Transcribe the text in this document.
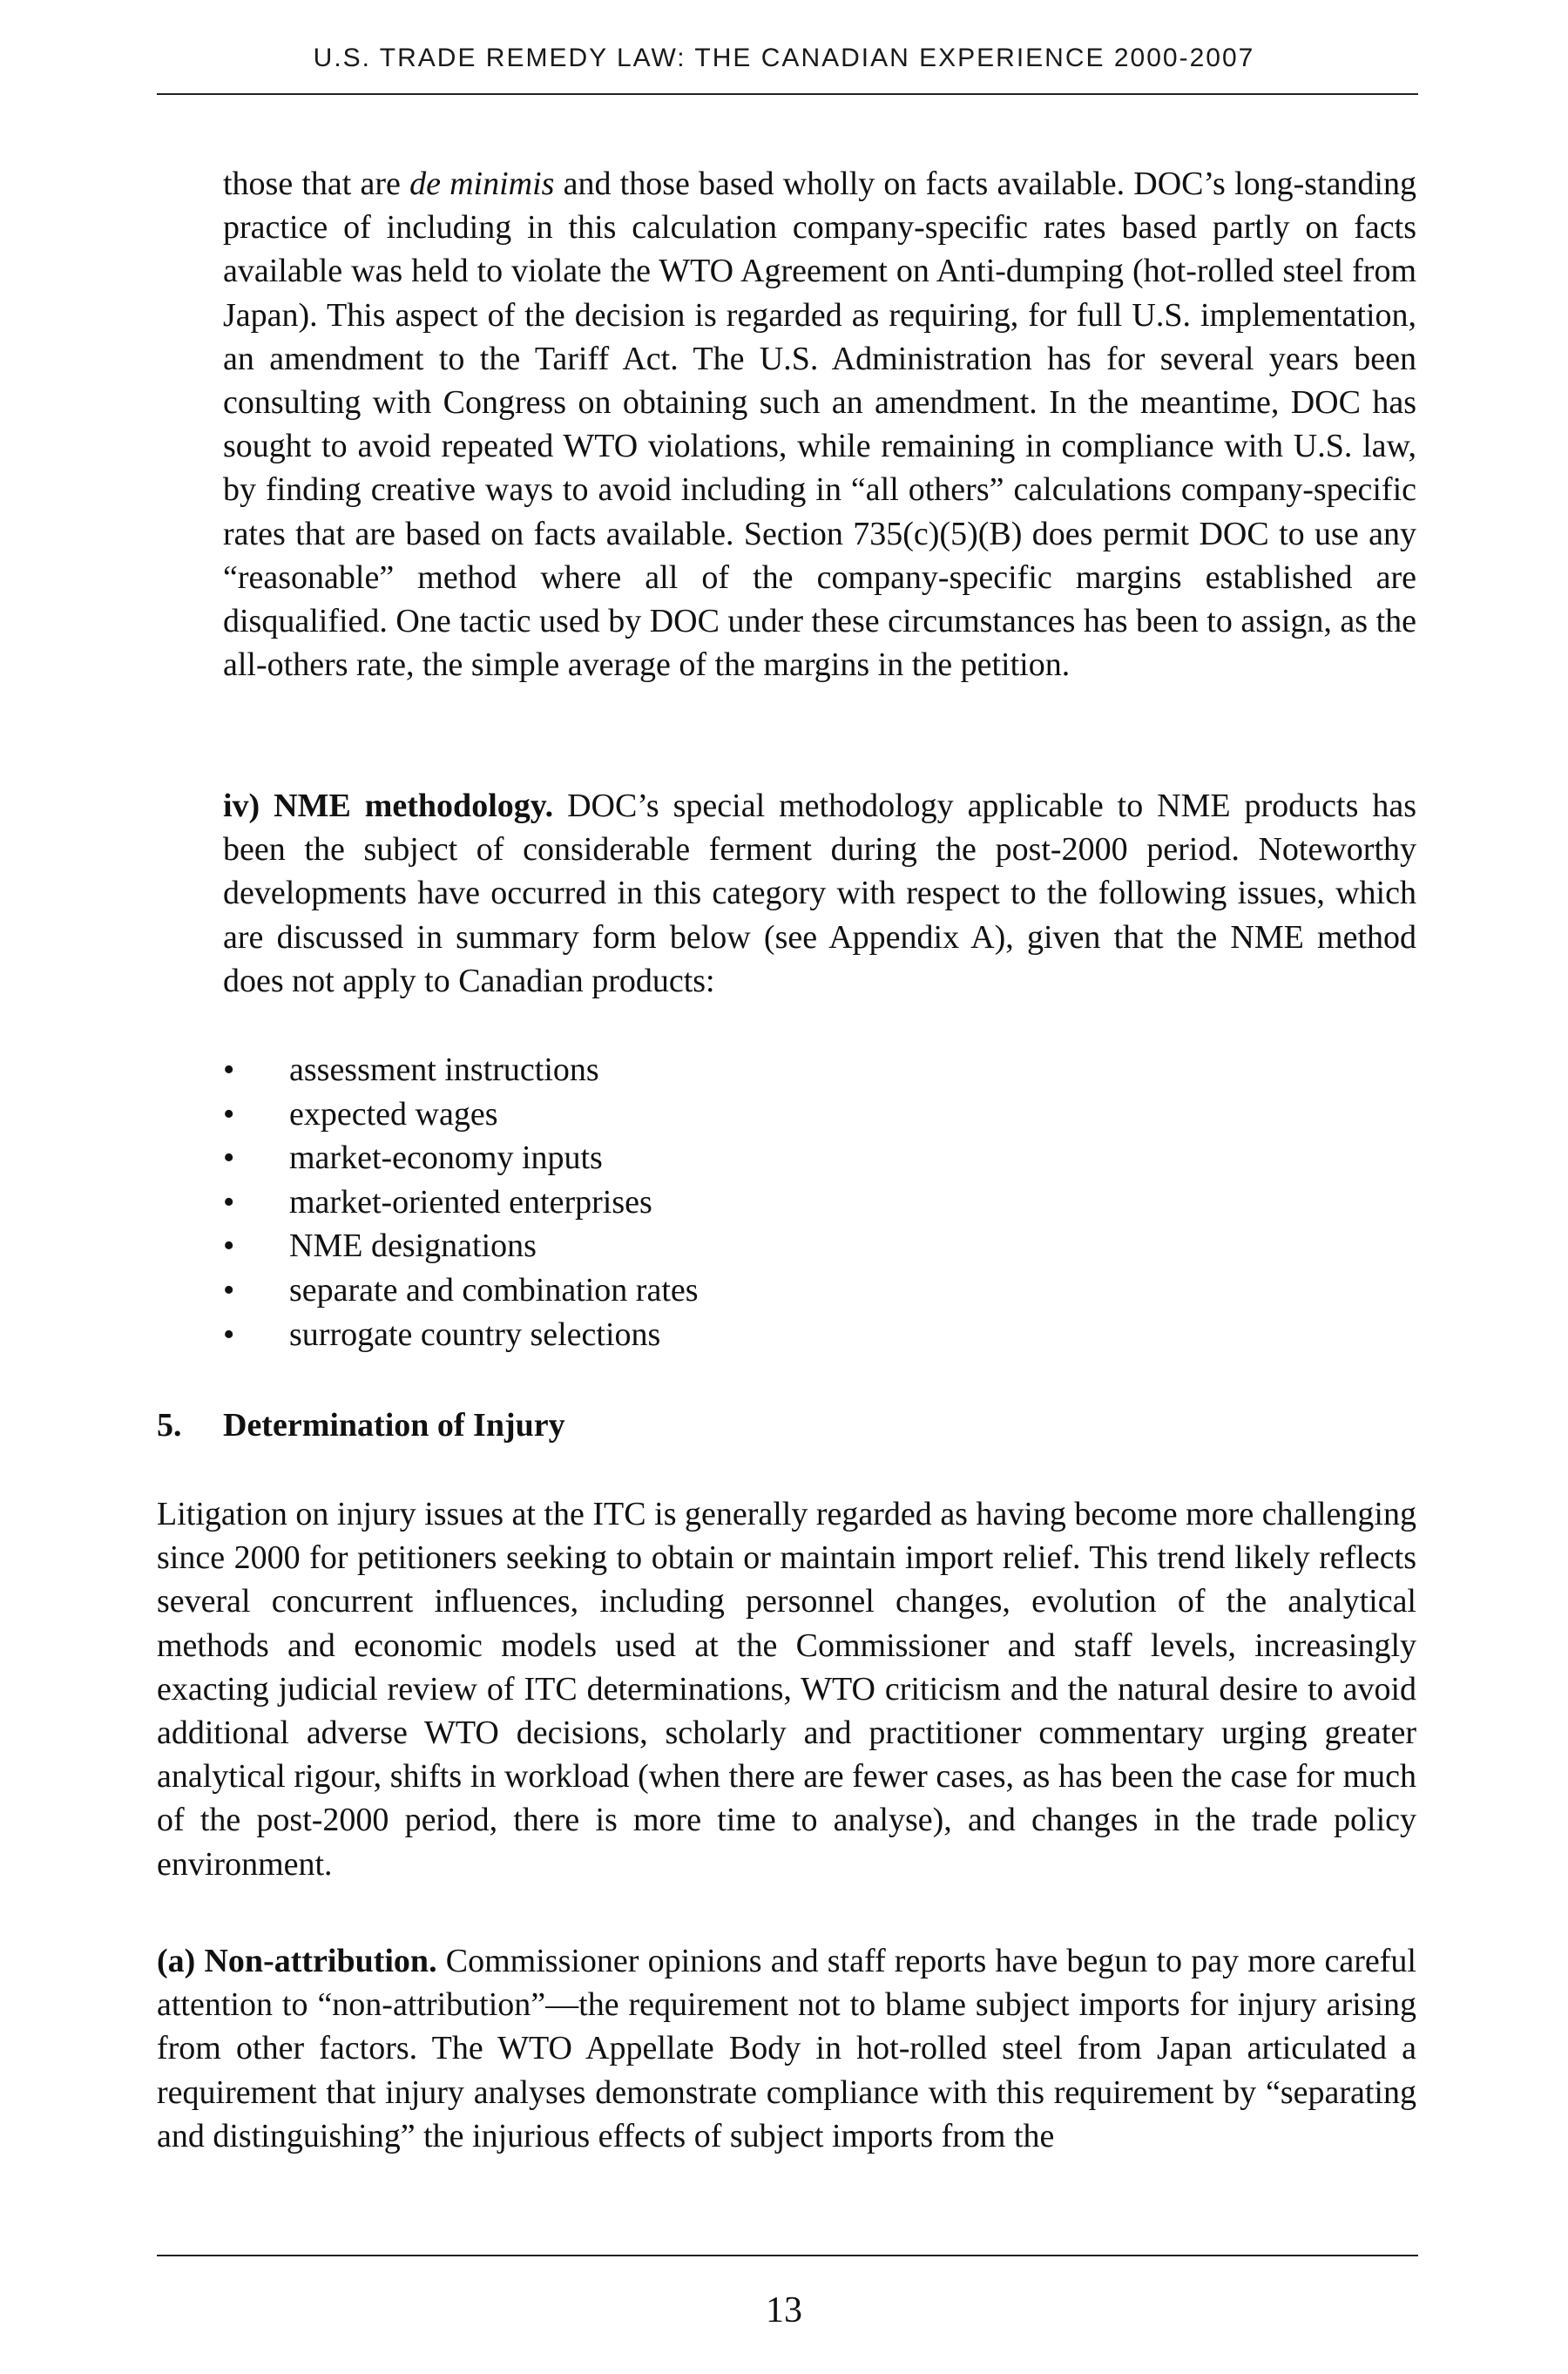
U.S. TRADE REMEDY LAW: THE CANADIAN EXPERIENCE 2000-2007

those that are de minimis and those based wholly on facts available. DOC’s long-standing practice of including in this calculation company-specific rates based partly on facts available was held to violate the WTO Agreement on Anti-dumping (hot-rolled steel from Japan). This aspect of the decision is regarded as requiring, for full U.S. implementation, an amendment to the Tariff Act. The U.S. Administration has for several years been consulting with Congress on obtaining such an amendment. In the meantime, DOC has sought to avoid repeated WTO violations, while remaining in compliance with U.S. law, by finding creative ways to avoid including in “all others” calculations company-specific rates that are based on facts available. Section 735(c)(5)(B) does permit DOC to use any “reasonable” method where all of the company-specific margins established are disqualified. One tactic used by DOC under these circumstances has been to assign, as the all-others rate, the simple average of the margins in the petition.

iv) NME methodology. DOC’s special methodology applicable to NME products has been the subject of considerable ferment during the post-2000 period. Noteworthy developments have occurred in this category with respect to the following issues, which are discussed in summary form below (see Appendix A), given that the NME method does not apply to Canadian products:

• assessment instructions
• expected wages
• market-economy inputs
• market-oriented enterprises
• NME designations
• separate and combination rates
• surrogate country selections
5. Determination of Injury

Litigation on injury issues at the ITC is generally regarded as having become more challenging since 2000 for petitioners seeking to obtain or maintain import relief. This trend likely reflects several concurrent influences, including personnel changes, evolution of the analytical methods and economic models used at the Commissioner and staff levels, increasingly exacting judicial review of ITC determinations, WTO criticism and the natural desire to avoid additional adverse WTO decisions, scholarly and practitioner commentary urging greater analytical rigour, shifts in workload (when there are fewer cases, as has been the case for much of the post-2000 period, there is more time to analyse), and changes in the trade policy environment.

(a) Non-attribution. Commissioner opinions and staff reports have begun to pay more careful attention to “non-attribution”—the requirement not to blame subject imports for injury arising from other factors. The WTO Appellate Body in hot-rolled steel from Japan articulated a requirement that injury analyses demonstrate compliance with this requirement by “separating and distinguishing” the injurious effects of subject imports from the

13
